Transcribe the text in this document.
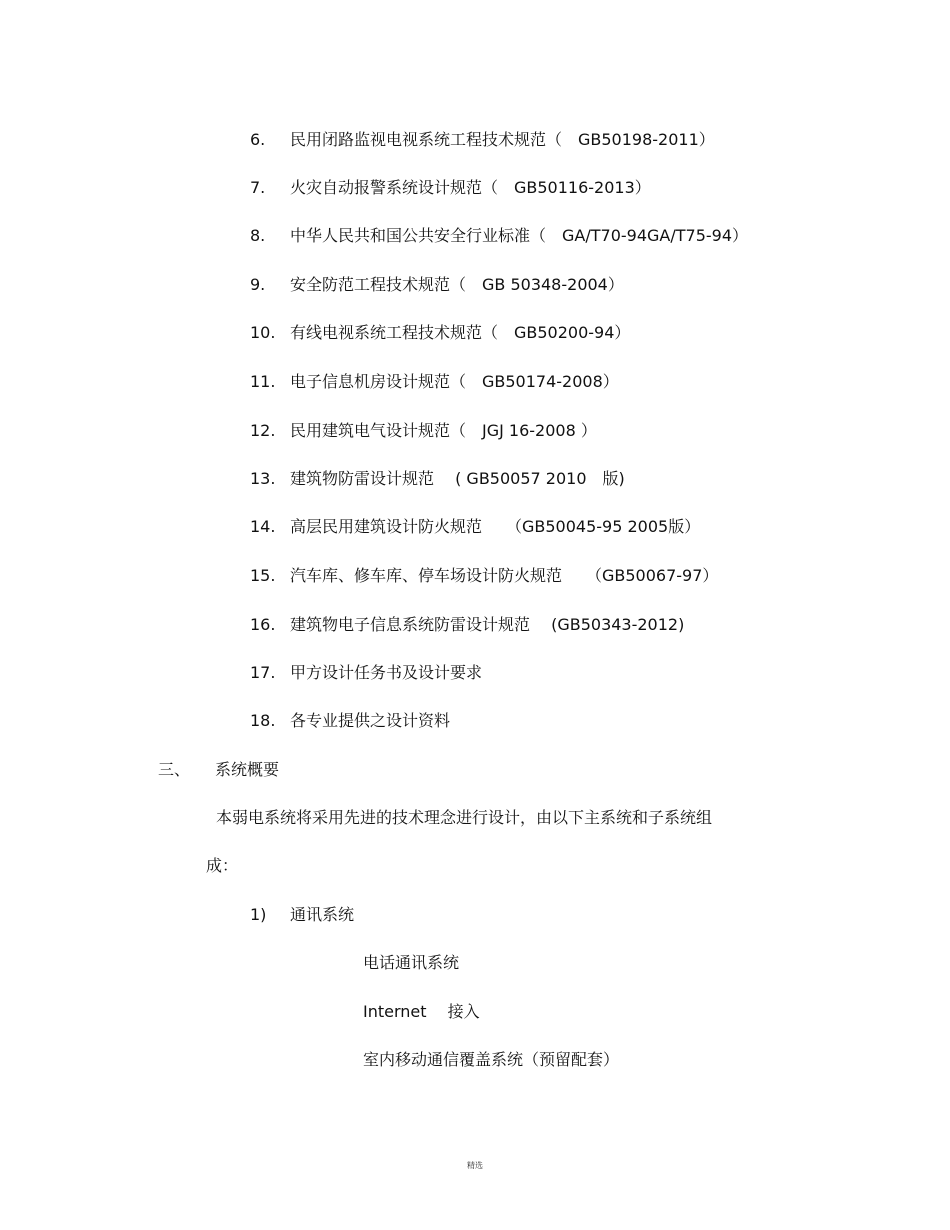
6. 民用闭路监视电视系统工程技术规范（　GB50198-2011）
7. 火灾自动报警系统设计规范（　GB50116-2013）
8. 中华人民共和国公共安全行业标准（　GA/T70-94GA/T75-94）
9. 安全防范工程技术规范（　GB 50348-2004）
10. 有线电视系统工程技术规范（　GB50200-94）
11. 电子信息机房设计规范（　GB50174-2008）
12. 民用建筑电气设计规范（　JGJ 16-2008 ）
13. 建筑物防雷设计规范　 ( GB50057 2010　版)
14. 高层民用建筑设计防火规范　　（GB50045-95 2005版）
15. 汽车库、修车库、停车场设计防火规范　　（GB50067-97）
16. 建筑物电子信息系统防雷设计规范　 (GB50343-2012)
17. 甲方设计任务书及设计要求
18. 各专业提供之设计资料
三、 系统概要
本弱电系统将采用先进的技术理念进行设计，由以下主系统和子系统组
成：
1) 通讯系统
电话通讯系统
Internet　 接入
室内移动通信覆盖系统（预留配套）
精选
